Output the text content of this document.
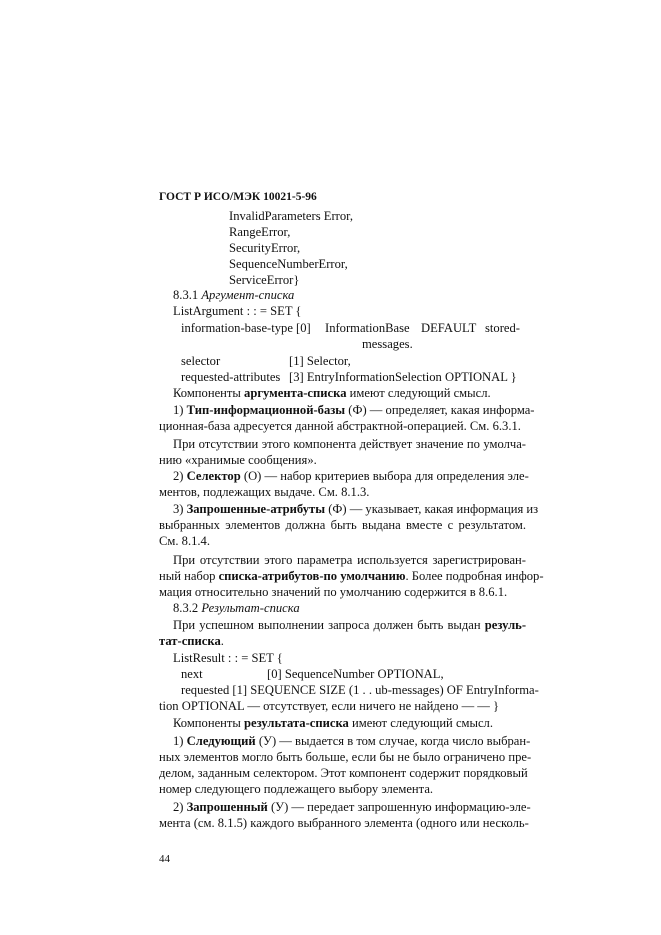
ГОСТ Р ИСО/МЭК 10021-5-96
InvalidParameters Error,
RangeError,
SecurityError,
SequenceNumberError,
ServiceError}
8.3.1 Аргумент-списка
ListArgument : : = SET {
information-base-type [0] InformationBase DEFAULT stored-
messages.
selector	[1] Selector,
requested-attributes [3] EntryInformationSelection OPTIONAL }
Компоненты аргумента-списка имеют следующий смысл.
1) Тип-информационной-базы (Ф) — определяет, какая информа-
ционная-база адресуется данной абстрактной-операцией. См. 6.3.1.
При отсутствии этого компонента действует значение по умолча-
нию «хранимые сообщения».
2) Селектор (О) — набор критериев выбора для определения эле-
ментов, подлежащих выдаче. См. 8.1.3.
3) Запрошенные-атрибуты (Ф) — указывает, какая информация из
выбранных элементов должна быть выдана вместе с результатом.
См. 8.1.4.
При отсутствии этого параметра используется зарегистрирован-
ный набор списка-атрибутов-по умолчанию. Более подробная инфор-
мация относительно значений по умолчанию содержится в 8.6.1.
8.3.2 Результат-списка
При успешном выполнении запроса должен быть выдан резуль-
тат-списка.
ListResult : : = SET {
next	[0] SequenceNumber OPTIONAL,
requested [1] SEQUENCE SIZE (1 . . ub-messages) OF EntryInforma-
tion OPTIONAL — отсутствует, если ничего не найдено — — }
Компоненты результата-списка имеют следующий смысл.
1) Следующий (У) — выдается в том случае, когда число выбран-
ных элементов могло быть больше, если бы не было ограничено пре-
делом, заданным селектором. Этот компонент содержит порядковый
номер следующего подлежащего выбору элемента.
2) Запрошенный (У) — передает запрошенную информацию-эле-
мента (см. 8.1.5) каждого выбранного элемента (одного или несколь-
44
